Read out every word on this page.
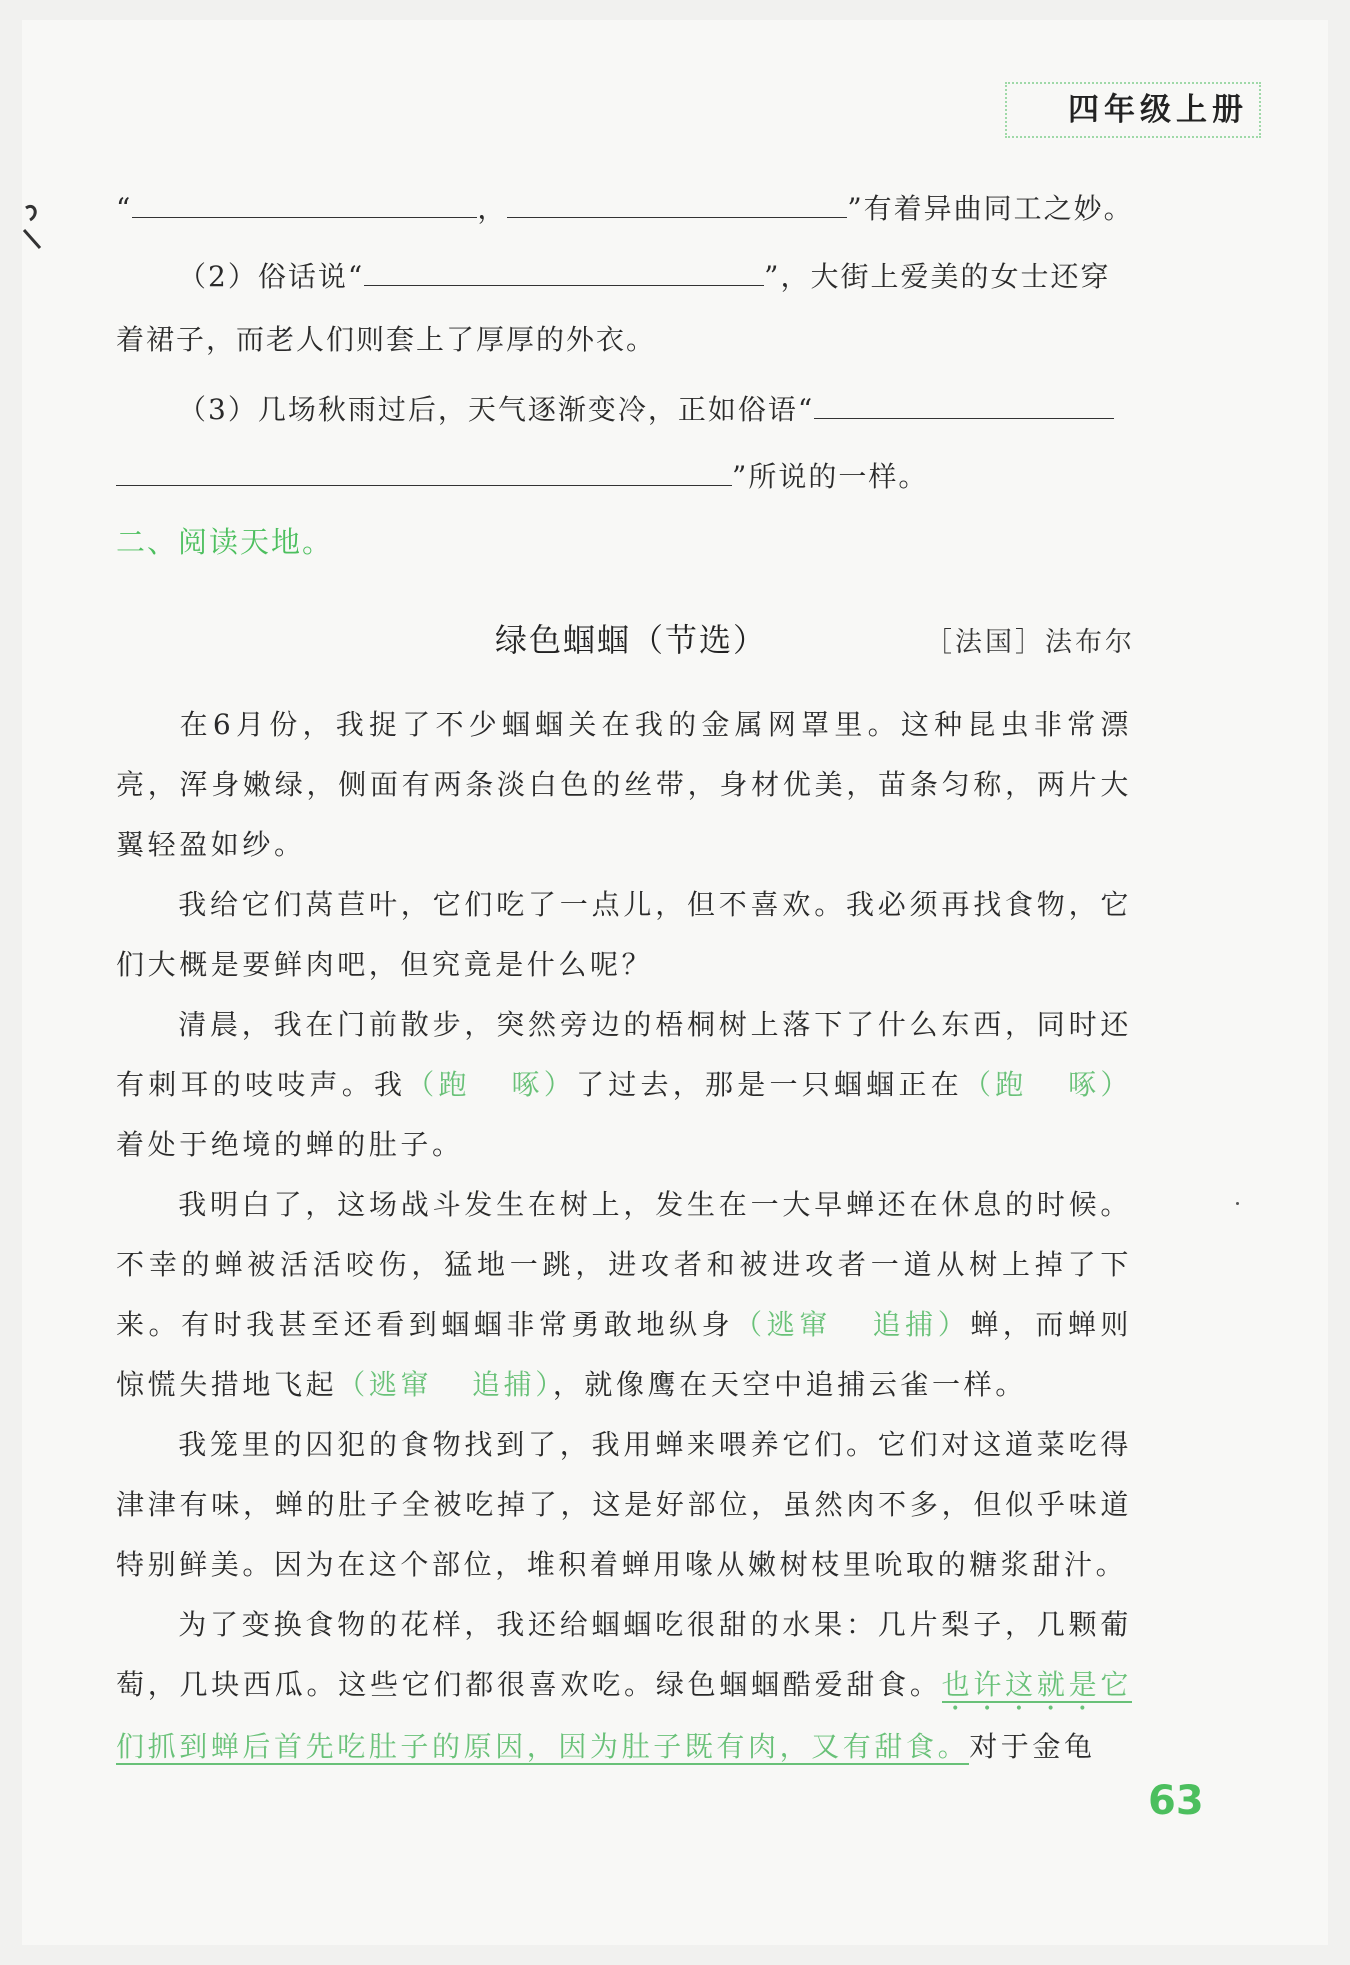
四年级上册
“	，	”有着异曲同工之妙。
（2）俗话说“	”，大街上爱美的女士还穿
着裙子，而老人们则套上了厚厚的外衣。
（3）几场秋雨过后，天气逐渐变冷，正如俗语“
”所说的一样。
二、阅读天地。
绿色蝈蝈（节选）	［法国］法布尔
在6月份，我捉了不少蝈蝈关在我的金属网罩里。这种昆虫非常漂亮，浑身嫩绿，侧面有两条淡白色的丝带，身材优美，苗条匀称，两片大翼轻盈如纱。
我给它们莴苣叶，它们吃了一点儿，但不喜欢。我必须再找食物，它们大概是要鲜肉吧，但究竟是什么呢？
清晨，我在门前散步，突然旁边的梧桐树上落下了什么东西，同时还有刺耳的吱吱声。我（跑 啄）了过去，那是一只蝈蝈正在（跑 啄）着处于绝境的蝉的肚子。
我明白了，这场战斗发生在树上，发生在一大早蝉还在休息的时候。不幸的蝉被活活咬伤，猛地一跳，进攻者和被进攻者一道从树上掉了下来。有时我甚至还看到蝈蝈非常勇敢地纵身（逃窜 追捕）蝉，而蝉则惊慌失措地飞起（逃窜 追捕），就像鹰在天空中追捕云雀一样。
我笼里的囚犯的食物找到了，我用蝉来喂养它们。它们对这道菜吃得津津有味，蝉的肚子全被吃掉了，这是好部位，虽然肉不多，但似乎味道特别鲜美。因为在这个部位，堆积着蝉用喙从嫩树枝里吮取的糖浆甜汁。
为了变换食物的花样，我还给蝈蝈吃很甜的水果：几片梨子，几颗葡萄，几块西瓜。这些它们都很喜欢吃。绿色蝈蝈酷爱甜食。也许这就是它们抓到蝉后首先吃肚子的原因，因为肚子既有肉，又有甜食。对于金龟
63
